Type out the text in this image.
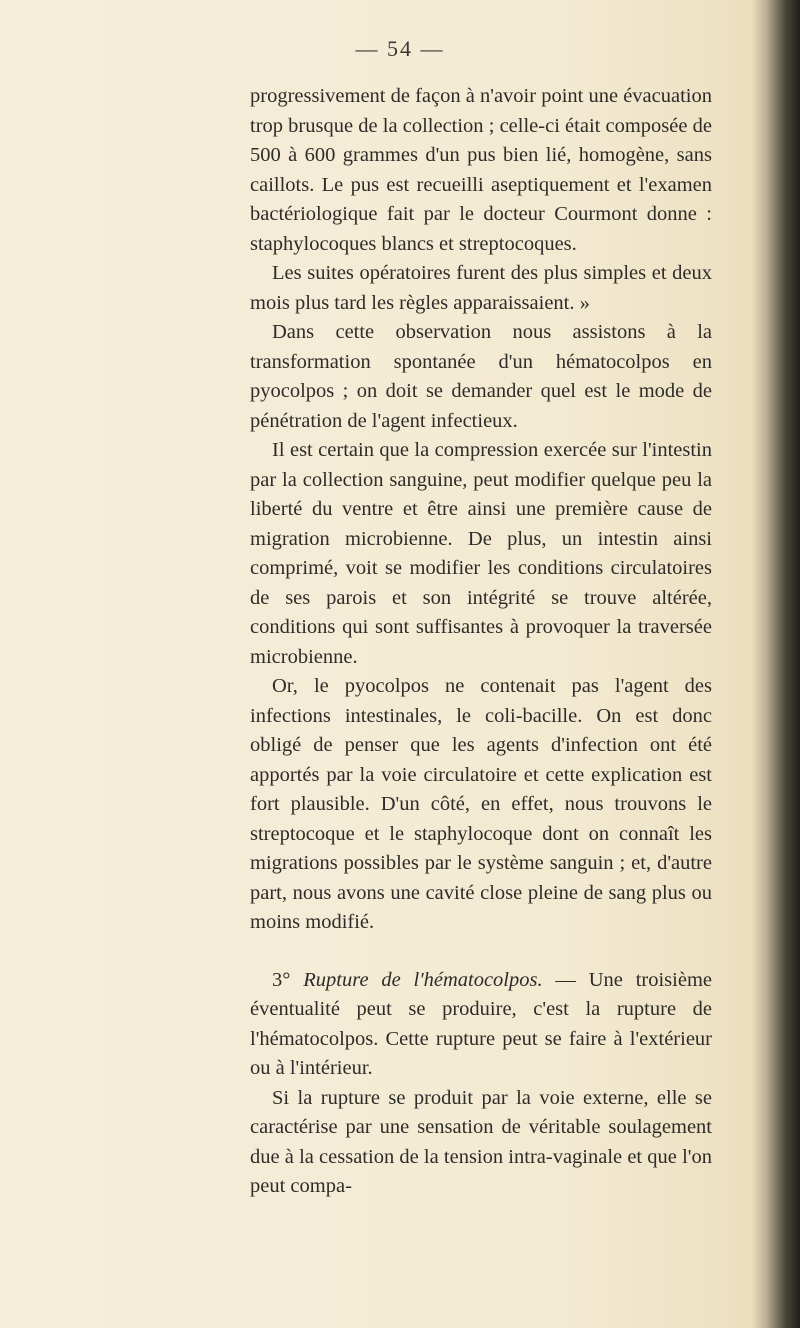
— 54 —

progressivement de façon à n'avoir point une évacuation trop brusque de la collection ; celle-ci était composée de 500 à 600 grammes d'un pus bien lié, homogène, sans caillots. Le pus est recueilli aseptiquement et l'examen bactériologique fait par le docteur Courmont donne : staphylocoques blancs et streptocoques.

Les suites opératoires furent des plus simples et deux mois plus tard les règles apparaissaient. »

Dans cette observation nous assistons à la transformation spontanée d'un hématocolpos en pyocolpos ; on doit se demander quel est le mode de pénétration de l'agent infectieux.

Il est certain que la compression exercée sur l'intestin par la collection sanguine, peut modifier quelque peu la liberté du ventre et être ainsi une première cause de migration microbienne. De plus, un intestin ainsi comprimé, voit se modifier les conditions circulatoires de ses parois et son intégrité se trouve altérée, conditions qui sont suffisantes à provoquer la traversée microbienne.

Or, le pyocolpos ne contenait pas l'agent des infections intestinales, le coli-bacille. On est donc obligé de penser que les agents d'infection ont été apportés par la voie circulatoire et cette explication est fort plausible. D'un côté, en effet, nous trouvons le streptocoque et le staphylocoque dont on connaît les migrations possibles par le système sanguin ; et, d'autre part, nous avons une cavité close pleine de sang plus ou moins modifié.

3° Rupture de l'hématocolpos. — Une troisième éventualité peut se produire, c'est la rupture de l'hématocolpos. Cette rupture peut se faire à l'extérieur ou à l'intérieur.

Si la rupture se produit par la voie externe, elle se caractérise par une sensation de véritable soulagement due à la cessation de la tension intra-vaginale et que l'on peut compa-
